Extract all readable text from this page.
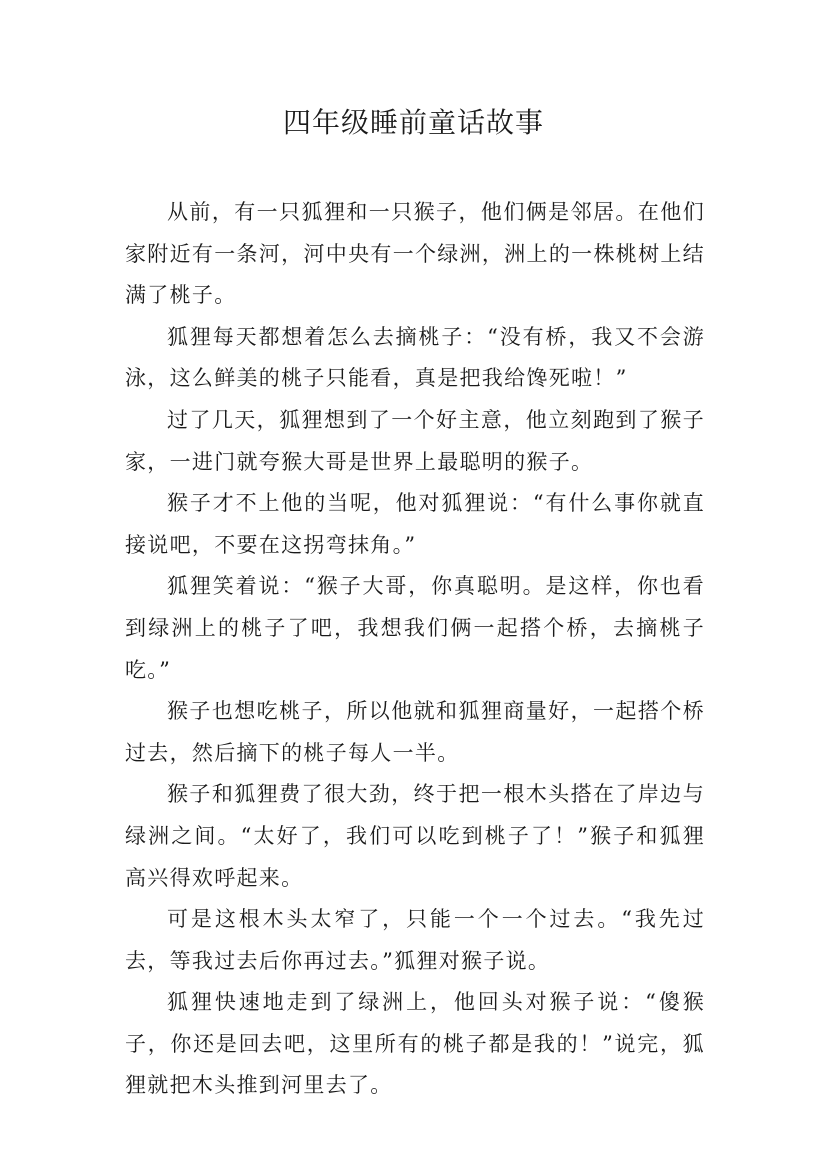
四年级睡前童话故事

从前，有一只狐狸和一只猴子，他们俩是邻居。在他们家附近有一条河，河中央有一个绿洲，洲上的一株桃树上结满了桃子。

狐狸每天都想着怎么去摘桃子：“没有桥，我又不会游泳，这么鲜美的桃子只能看，真是把我给馋死啦！”

过了几天，狐狸想到了一个好主意，他立刻跑到了猴子家，一进门就夸猴大哥是世界上最聪明的猴子。

猴子才不上他的当呢，他对狐狸说：“有什么事你就直接说吧，不要在这拐弯抹角。”

狐狸笑着说：“猴子大哥，你真聪明。是这样，你也看到绿洲上的桃子了吧，我想我们俩一起搭个桥，去摘桃子吃。”

猴子也想吃桃子，所以他就和狐狸商量好，一起搭个桥过去，然后摘下的桃子每人一半。

猴子和狐狸费了很大劲，终于把一根木头搭在了岸边与绿洲之间。“太好了，我们可以吃到桃子了！”猴子和狐狸高兴得欢呼起来。

可是这根木头太窄了，只能一个一个过去。“我先过去，等我过去后你再过去。”狐狸对猴子说。

狐狸快速地走到了绿洲上，他回头对猴子说：“傻猴子，你还是回去吧，这里所有的桃子都是我的！”说完，狐狸就把木头推到河里去了。
